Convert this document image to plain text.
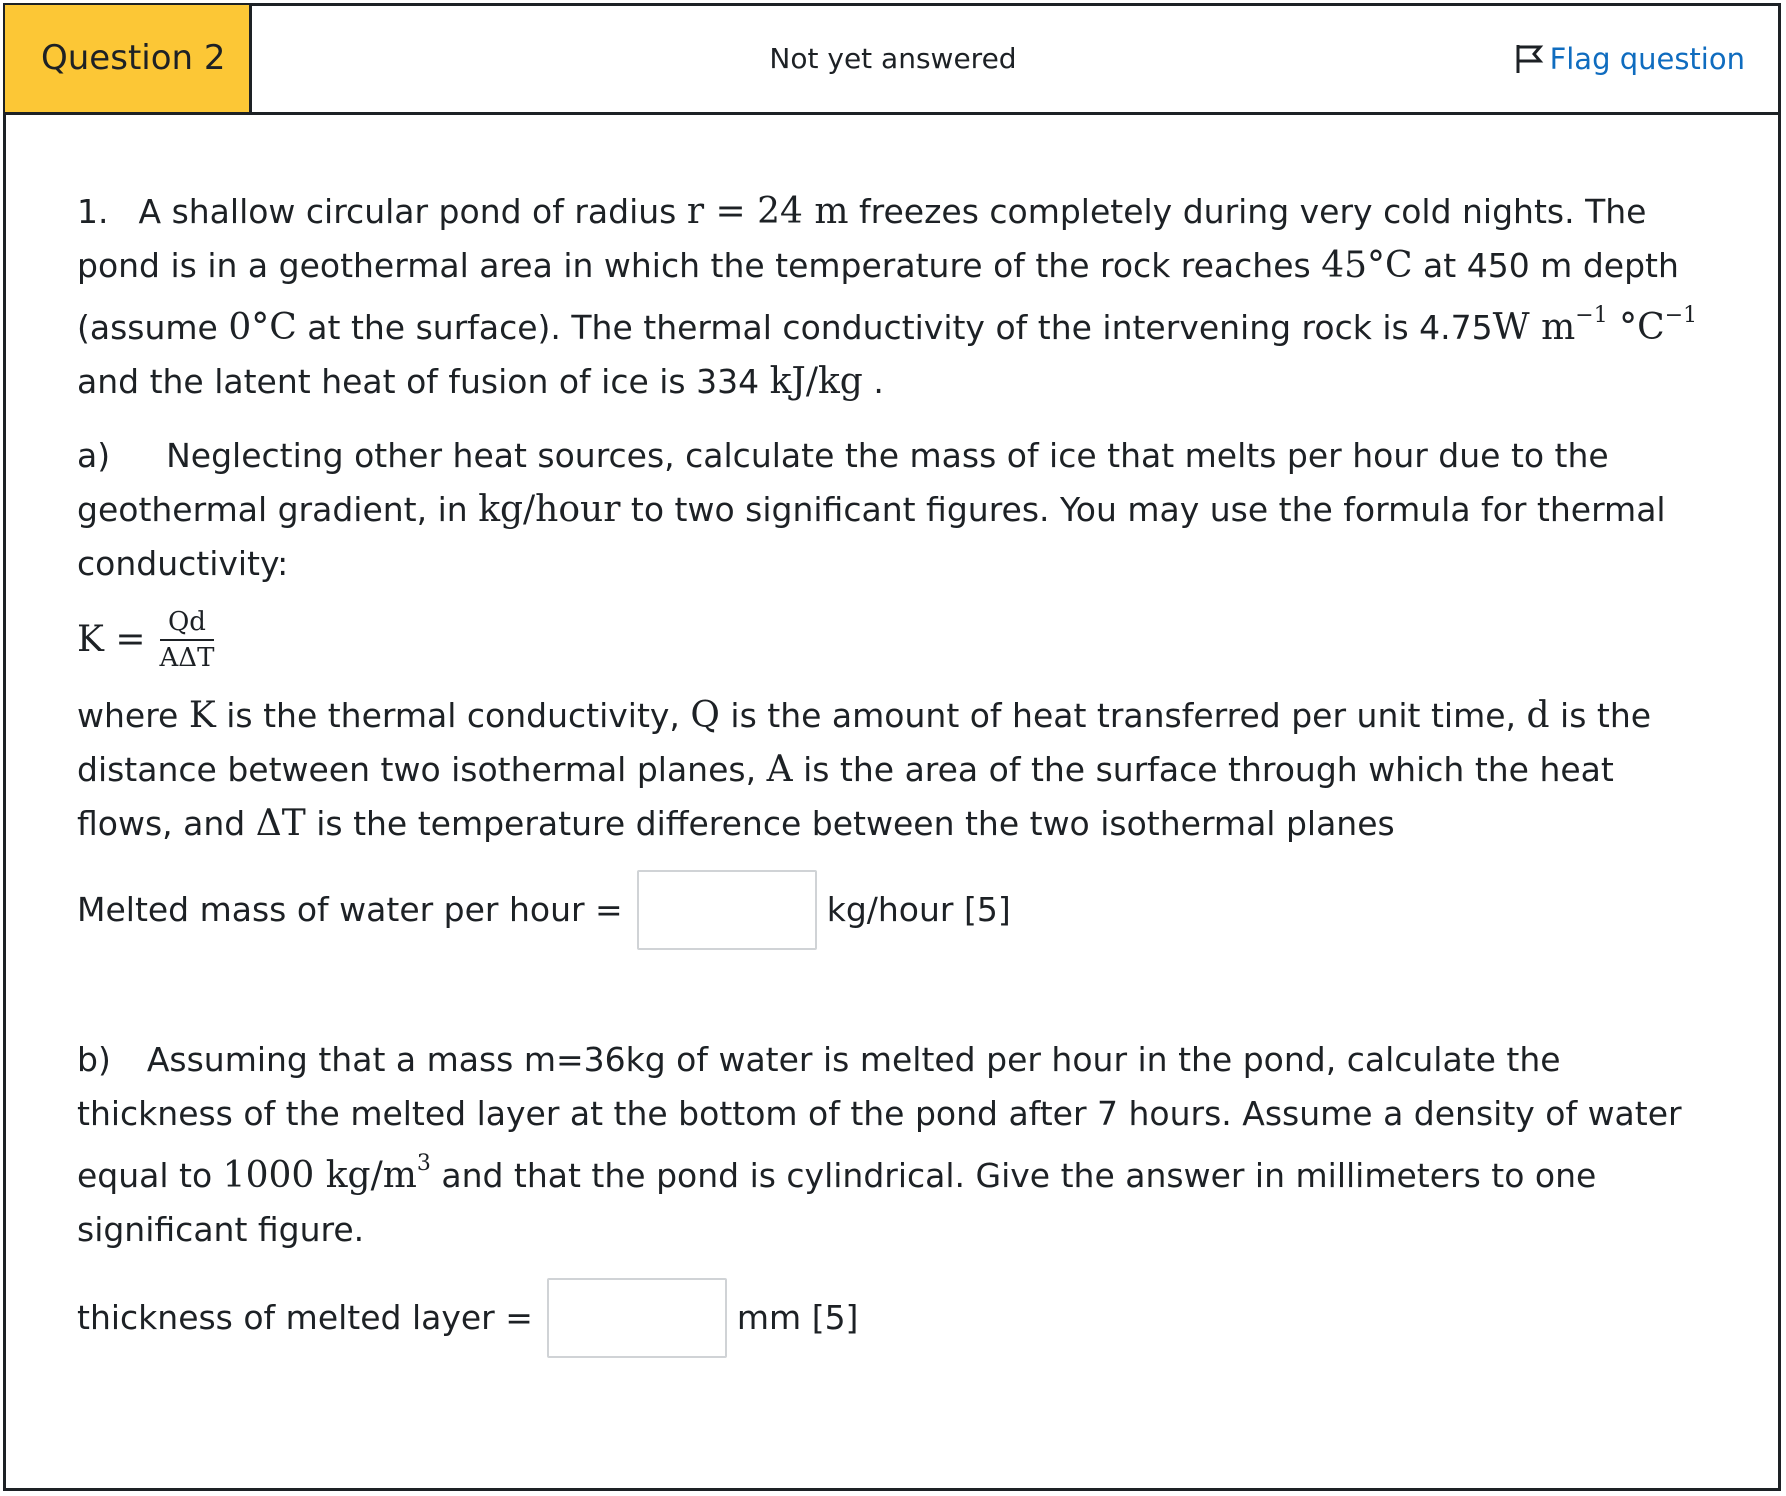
Question 2	Not yet answered	Flag question

1. A shallow circular pond of radius r = 24 m freezes completely during very cold nights. The pond is in a geothermal area in which the temperature of the rock reaches 45°C at 450 m depth (assume 0°C at the surface). The thermal conductivity of the intervening rock is 4.75W $m^{-1}$ $^\circ C^{-1}$ and the latent heat of fusion of ice is 334 kJ/kg .

a) Neglecting other heat sources, calculate the mass of ice that melts per hour due to the geothermal gradient, in kg/hour to two significant figures. You may use the formula for thermal conductivity:

$K = \frac{Qd}{\text{AΔT}}$

where K is the thermal conductivity, Q is the amount of heat transferred per unit time, d is the distance between two isothermal planes, A is the area of the surface through which the heat flows, and ΔT is the temperature difference between the two isothermal planes

Melted mass of water per hour =	kg/hour [5]

b) Assuming that a mass m=36kg of water is melted per hour in the pond, calculate the thickness of the melted layer at the bottom of the pond after 7 hours. Assume a density of water equal to 1000 $kg/m^3$ and that the pond is cylindrical. Give the answer in millimeters to one significant figure.

thickness of melted layer =	mm [5]
